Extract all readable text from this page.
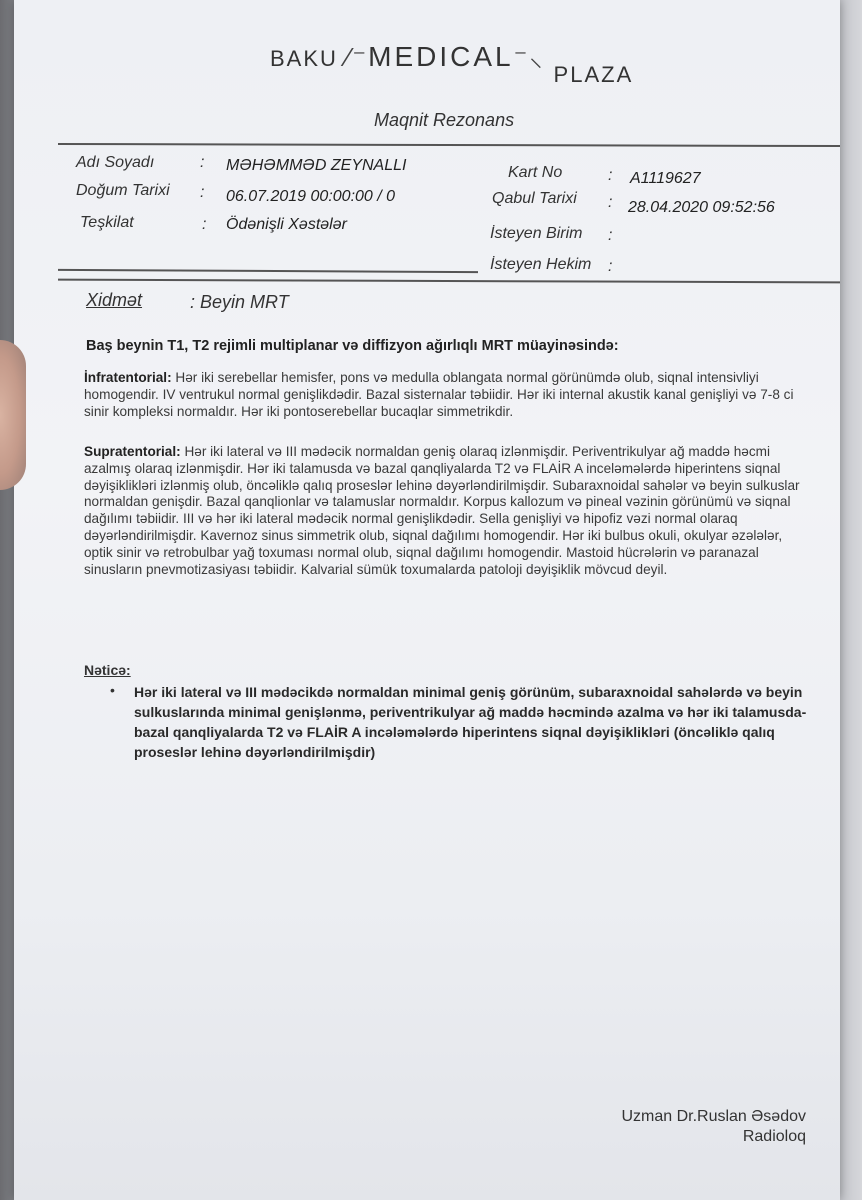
BAKU ⁄⁻MEDICAL⁻⸜ PLAZA
Maqnit Rezonans
Adı Soyadı	: MƏHƏMMƏD ZEYNALLI
Doğum Tarixi : 06.07.2019 00:00:00 / 0
Teşkilat	: Ödənişli Xəstələr
Kart No	: A1119627
Qabul Tarixi : 28.04.2020 09:52:56
İsteyen Birim :
İsteyen Hekim :
Xidmət	: Beyin MRT
Baş beynin T1, T2 rejimli multiplanar və diffizyon ağırlıqlı MRT müayinəsində:
İnfratentorial: Hər iki serebellar hemisfer, pons və medulla oblangata normal görünümdə olub, siqnal intensivliyi homogendir. IV ventrukul normal genişlikdədir. Bazal sisternalar təbiidir. Hər iki internal akustik kanal genişliyi və 7-8 ci sinir kompleksi normaldır. Hər iki pontoserebellar bucaqlar simmetrikdir.
Supratentorial: Hər iki lateral və III mədəcik normaldan geniş olaraq izlənmişdir. Periventrikulyar ağ maddə həcmi azalmış olaraq izlənmişdir. Hər iki talamusda və bazal qanqliyalarda T2 və FLAİR A inceləmələrdə hiperintens siqnal dəyişiklikləri izlənmiş olub, öncəliklə qalıq proseslər lehinə dəyərləndirilmişdir. Subaraxnoidal sahələr və beyin sulkuslar normaldan genişdir. Bazal qanqlionlar və talamuslar normaldır. Korpus kallozum və pineal vəzinin görünümü və siqnal dağılımı təbiidir. III və hər iki lateral mədəcik normal genişlikdədir. Sella genişliyi və hipofiz vəzi normal olaraq dəyərləndirilmişdir. Kavernoz sinus simmetrik olub, siqnal dağılımı homogendir. Hər iki bulbus okuli, okulyar əzələlər, optik sinir və retrobulbar yağ toxuması normal olub, siqnal dağılımı homogendir. Mastoid hücrələrin və paranazal sinusların pnevmotizasiyası təbiidir. Kalvarial sümük toxumalarda patoloji dəyişiklik mövcud deyil.
Nəticə:
• Hər iki lateral və III mədəcikdə normaldan minimal geniş görünüm, subaraxnoidal sahələrdə və beyin sulkuslarında minimal genişlənmə, periventrikulyar ağ maddə həcmində azalma və hər iki talamusda-bazal qanqliyalarda T2 və FLAİR A incələmələrdə hiperintens siqnal dəyişiklikləri (öncəliklə qalıq proseslər lehinə dəyərləndirilmişdir)
Uzman Dr.Ruslan Əsədov
Radioloq
